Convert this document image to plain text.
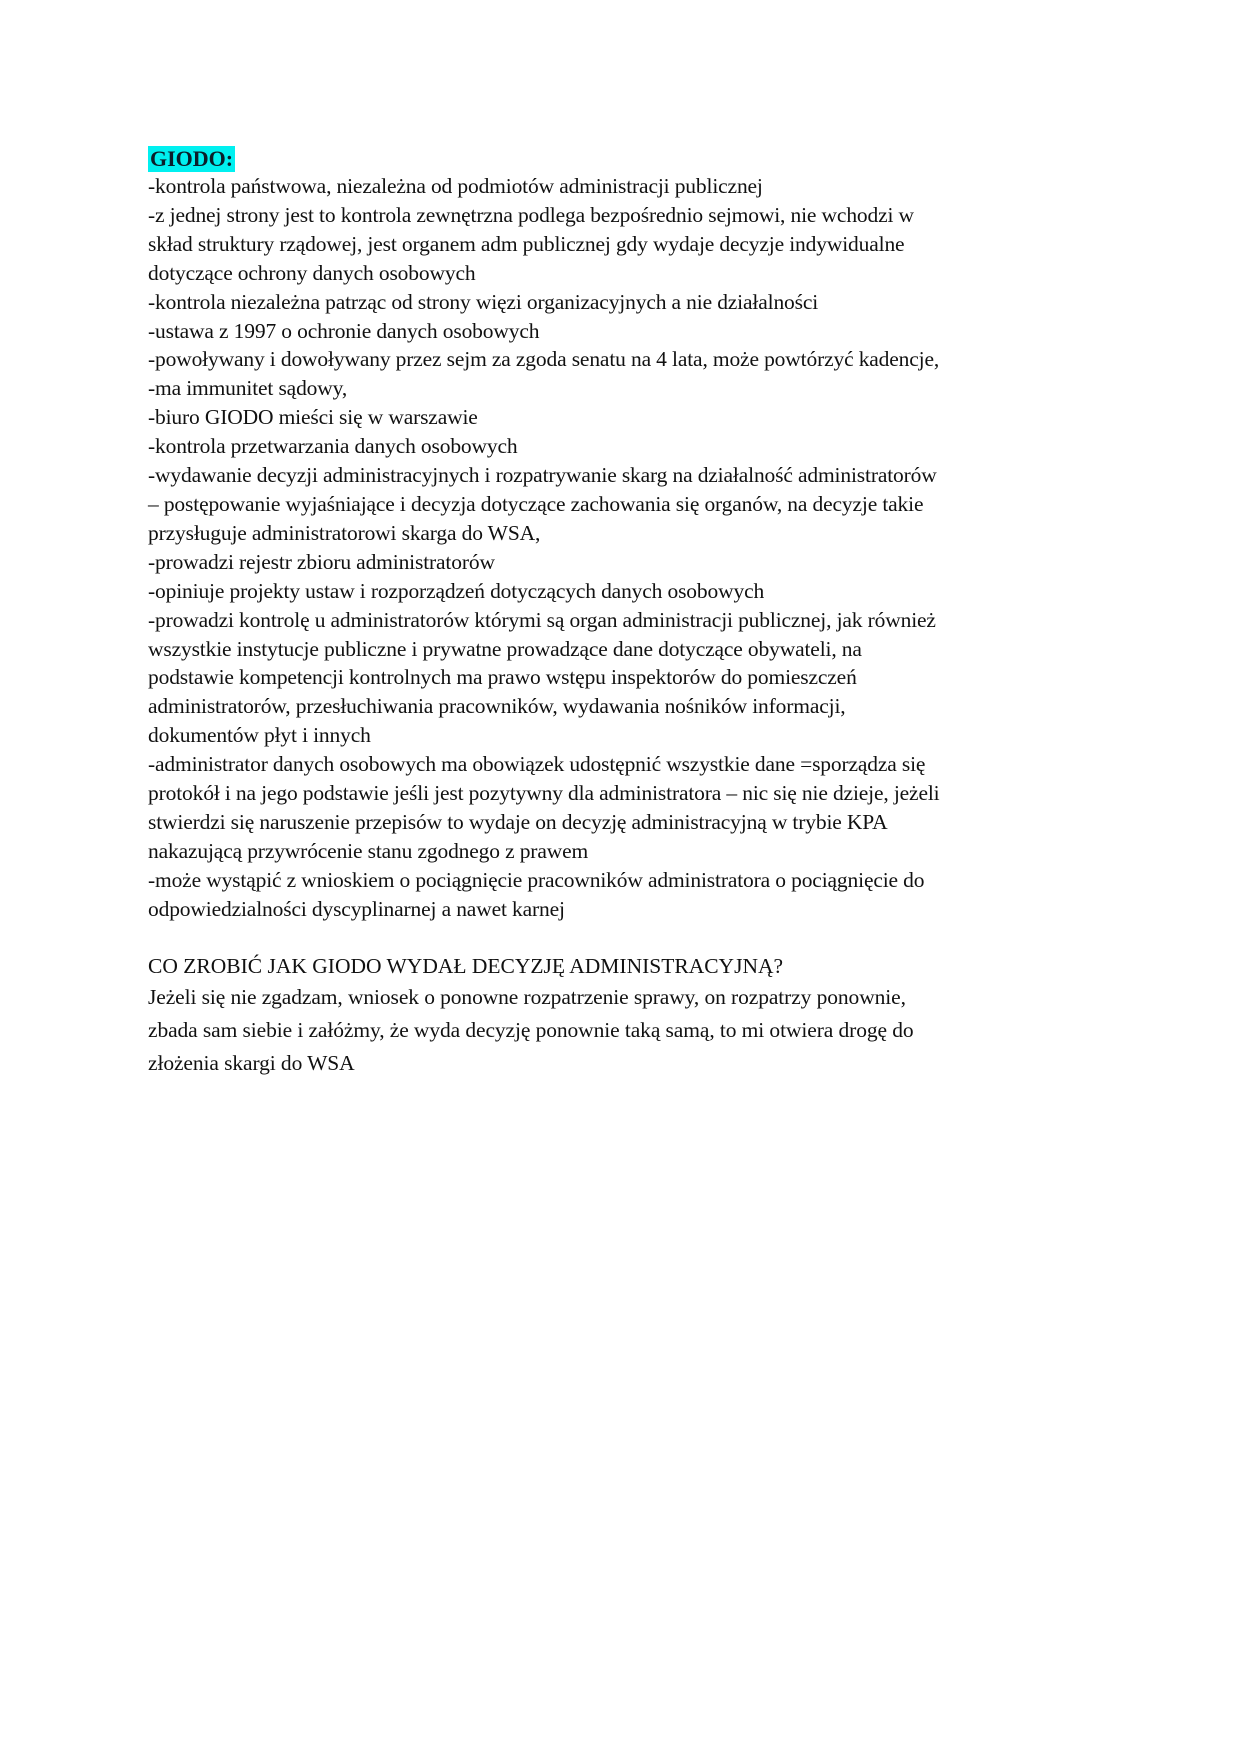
GIODO:
-kontrola państwowa, niezależna od podmiotów administracji publicznej
-z jednej strony jest to kontrola zewnętrzna podlega bezpośrednio sejmowi, nie wchodzi w
skład struktury rządowej, jest organem adm publicznej gdy wydaje decyzje indywidualne
dotyczące ochrony danych osobowych
-kontrola niezależna patrząc od strony więzi organizacyjnych a nie działalności
-ustawa z 1997 o ochronie danych osobowych
-powoływany i dowoływany przez sejm za zgoda senatu na 4 lata, może powtórzyć kadencje,
-ma immunitet sądowy,
-biuro GIODO mieści się w warszawie
-kontrola przetwarzania danych osobowych
-wydawanie decyzji administracyjnych i rozpatrywanie skarg na działalność administratorów
– postępowanie wyjaśniające i decyzja dotyczące zachowania się organów, na decyzje takie
przysługuje administratorowi skarga do WSA,
-prowadzi rejestr zbioru administratorów
-opiniuje projekty ustaw i rozporządzeń dotyczących danych osobowych
-prowadzi kontrolę u administratorów którymi są organ administracji publicznej, jak również
wszystkie instytucje publiczne i prywatne prowadzące dane dotyczące obywateli, na
podstawie kompetencji kontrolnych ma prawo wstępu inspektorów do pomieszczeń
administratorów, przesłuchiwania pracowników, wydawania nośników informacji,
dokumentów płyt i innych
-administrator danych osobowych ma obowiązek udostępnić wszystkie dane =sporządza się
protokół i na jego podstawie jeśli jest pozytywny dla administratora – nic się nie dzieje, jeżeli
stwierdzi się naruszenie przepisów to wydaje on decyzję administracyjną w trybie KPA
nakazującą przywrócenie stanu zgodnego z prawem
-może wystąpić z wnioskiem o pociągnięcie pracowników administratora o pociągnięcie do
odpowiedzialności dyscyplinarnej a nawet karnej
CO ZROBIĆ JAK GIODO WYDAŁ DECYZJĘ ADMINISTRACYJNĄ?
Jeżeli się nie zgadzam, wniosek o ponowne rozpatrzenie sprawy, on rozpatrzy ponownie,
zbada sam siebie i załóżmy, że wyda decyzję ponownie taką samą, to mi otwiera drogę do
złożenia skargi do WSA
